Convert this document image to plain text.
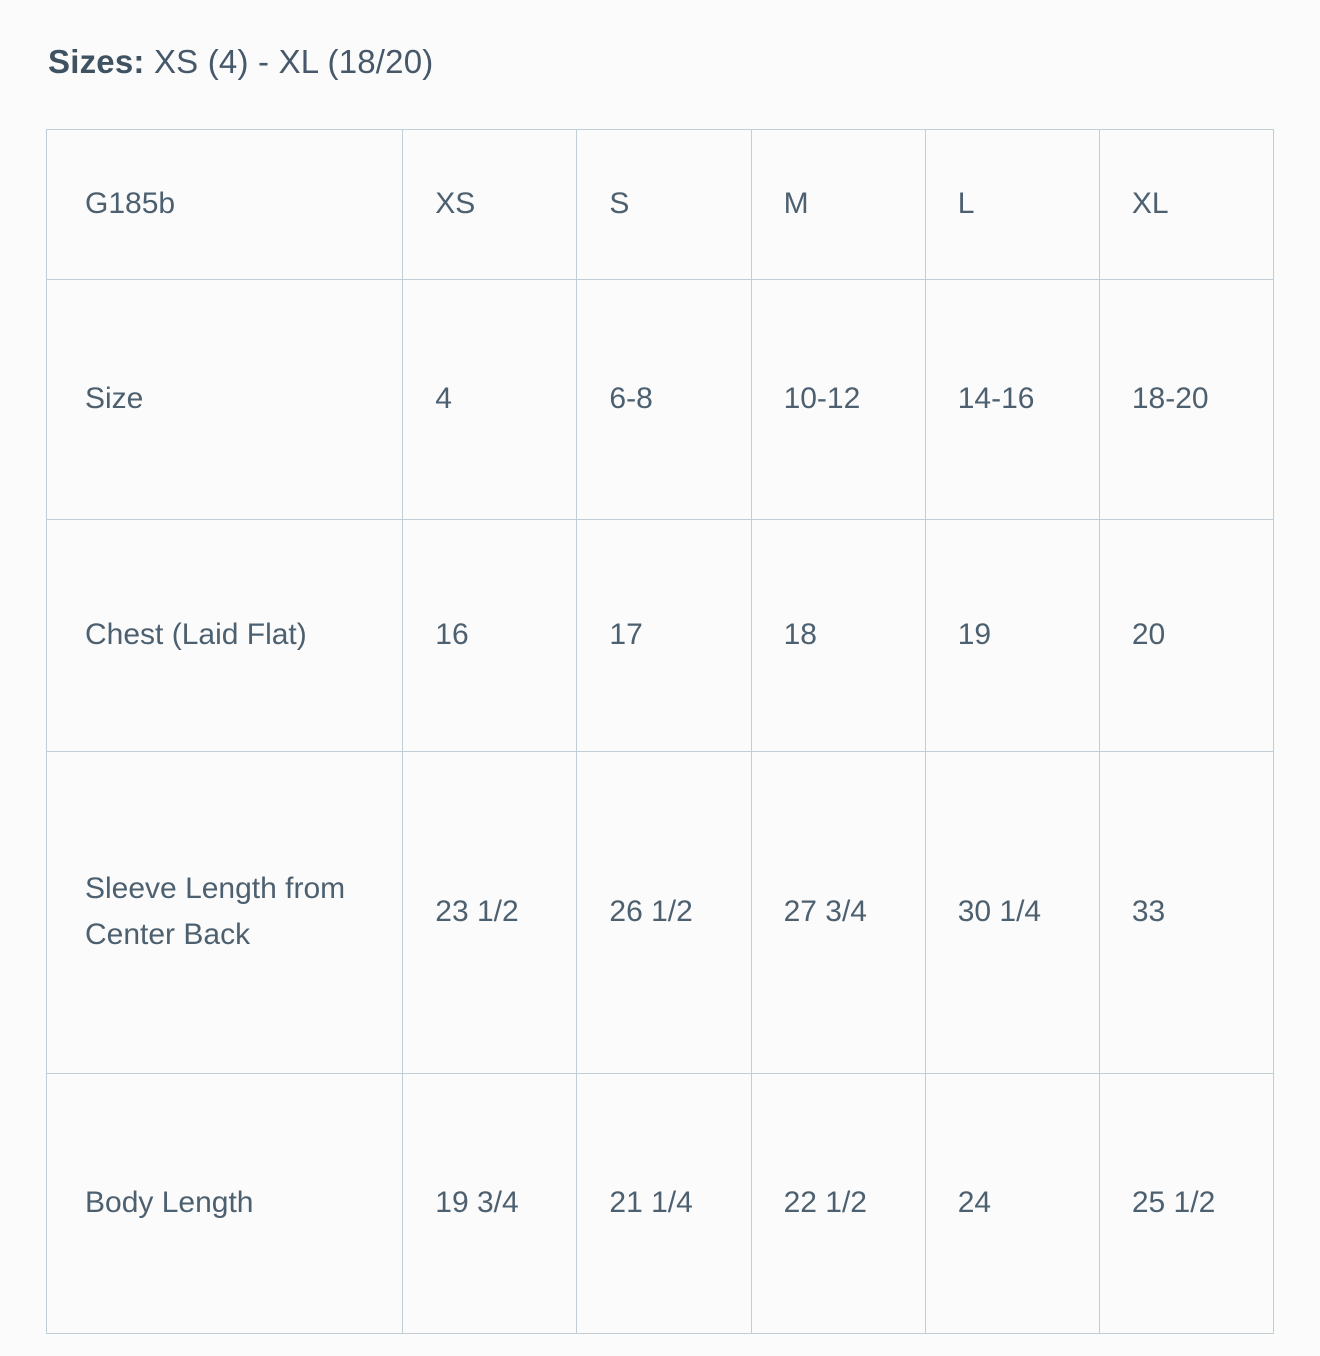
Sizes: XS (4) - XL (18/20)

G185b	XS	S	M	L	XL
Size	4	6-8	10-12	14-16	18-20
Chest (Laid Flat)	16	17	18	19	20
Sleeve Length from Center Back	23 1/2	26 1/2	27 3/4	30 1/4	33
Body Length	19 3/4	21 1/4	22 1/2	24	25 1/2
